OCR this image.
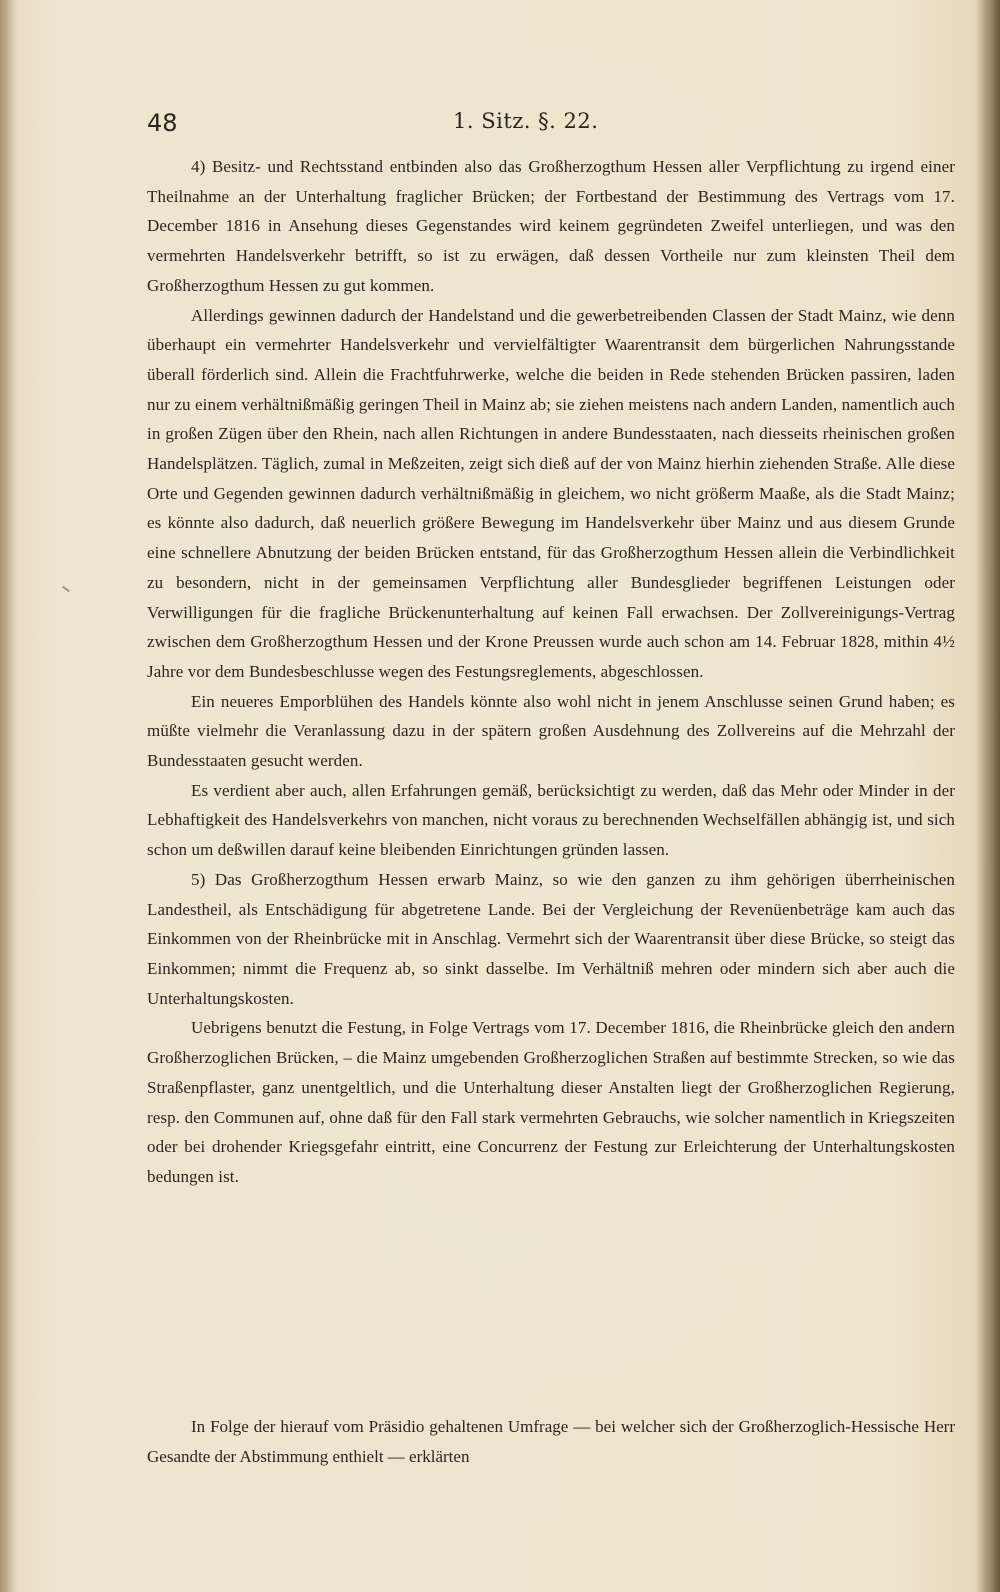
48	1. Sitz. §. 22.

4) Besitz- und Rechtsstand entbinden also das Großherzogthum Hessen aller Verpflichtung zu irgend einer Theilnahme an der Unterhaltung fraglicher Brücken; der Fortbestand der Bestimmung des Vertrags vom 17. December 1816 in Ansehung dieses Gegenstandes wird keinem gegründeten Zweifel unterliegen, und was den vermehrten Handelsverkehr betrifft, so ist zu erwägen, daß dessen Vortheile nur zum kleinsten Theil dem Großherzogthum Hessen zu gut kommen.

Allerdings gewinnen dadurch der Handelstand und die gewerbetreibenden Classen der Stadt Mainz, wie denn überhaupt ein vermehrter Handelsverkehr und vervielfältigter Waarentransit dem bürgerlichen Nahrungsstande überall förderlich sind. Allein die Frachtfuhrwerke, welche die beiden in Rede stehenden Brücken passiren, laden nur zu einem verhältnißmäßig geringen Theil in Mainz ab; sie ziehen meistens nach andern Landen, namentlich auch in großen Zügen über den Rhein, nach allen Richtungen in andere Bundesstaaten, nach diesseits rheinischen großen Handelsplätzen. Täglich, zumal in Meßzeiten, zeigt sich dieß auf der von Mainz hierhin ziehenden Straße. Alle diese Orte und Gegenden gewinnen dadurch verhältnißmäßig in gleichem, wo nicht größerm Maaße, als die Stadt Mainz; es könnte also dadurch, daß neuerlich größere Bewegung im Handelsverkehr über Mainz und aus diesem Grunde eine schnellere Abnutzung der beiden Brücken entstand, für das Großherzogthum Hessen allein die Verbindlichkeit zu besondern, nicht in der gemeinsamen Verpflichtung aller Bundesglieder begriffenen Leistungen oder Verwilligungen für die fragliche Brückenunterhaltung auf keinen Fall erwachsen. Der Zollvereinigungs-Vertrag zwischen dem Großherzogthum Hessen und der Krone Preussen wurde auch schon am 14. Februar 1828, mithin 4½ Jahre vor dem Bundesbeschlusse wegen des Festungsreglements, abgeschlossen.

Ein neueres Emporblühen des Handels könnte also wohl nicht in jenem Anschlusse seinen Grund haben; es müßte vielmehr die Veranlassung dazu in der spätern großen Ausdehnung des Zollvereins auf die Mehrzahl der Bundesstaaten gesucht werden.

Es verdient aber auch, allen Erfahrungen gemäß, berücksichtigt zu werden, daß das Mehr oder Minder in der Lebhaftigkeit des Handelsverkehrs von manchen, nicht voraus zu berechnenden Wechselfällen abhängig ist, und sich schon um deßwillen darauf keine bleibenden Einrichtungen gründen lassen.

5) Das Großherzogthum Hessen erwarb Mainz, so wie den ganzen zu ihm gehörigen überrheinischen Landestheil, als Entschädigung für abgetretene Lande. Bei der Vergleichung der Revenüenbeträge kam auch das Einkommen von der Rheinbrücke mit in Anschlag. Vermehrt sich der Waarentransit über diese Brücke, so steigt das Einkommen; nimmt die Frequenz ab, so sinkt dasselbe. Im Verhältniß mehren oder mindern sich aber auch die Unterhaltungskosten.

Uebrigens benutzt die Festung, in Folge Vertrags vom 17. December 1816, die Rheinbrücke gleich den andern Großherzoglichen Brücken, – die Mainz umgebenden Großherzoglichen Straßen auf bestimmte Strecken, so wie das Straßenpflaster, ganz unentgeltlich, und die Unterhaltung dieser Anstalten liegt der Großherzoglichen Regierung, resp. den Communen auf, ohne daß für den Fall stark vermehrten Gebrauchs, wie solcher namentlich in Kriegszeiten oder bei drohender Kriegsgefahr eintritt, eine Concurrenz der Festung zur Erleichterung der Unterhaltungskosten bedungen ist.

In Folge der hierauf vom Präsidio gehaltenen Umfrage — bei welcher sich der Großherzoglich-Hessische Herr Gesandte der Abstimmung enthielt — erklärten
